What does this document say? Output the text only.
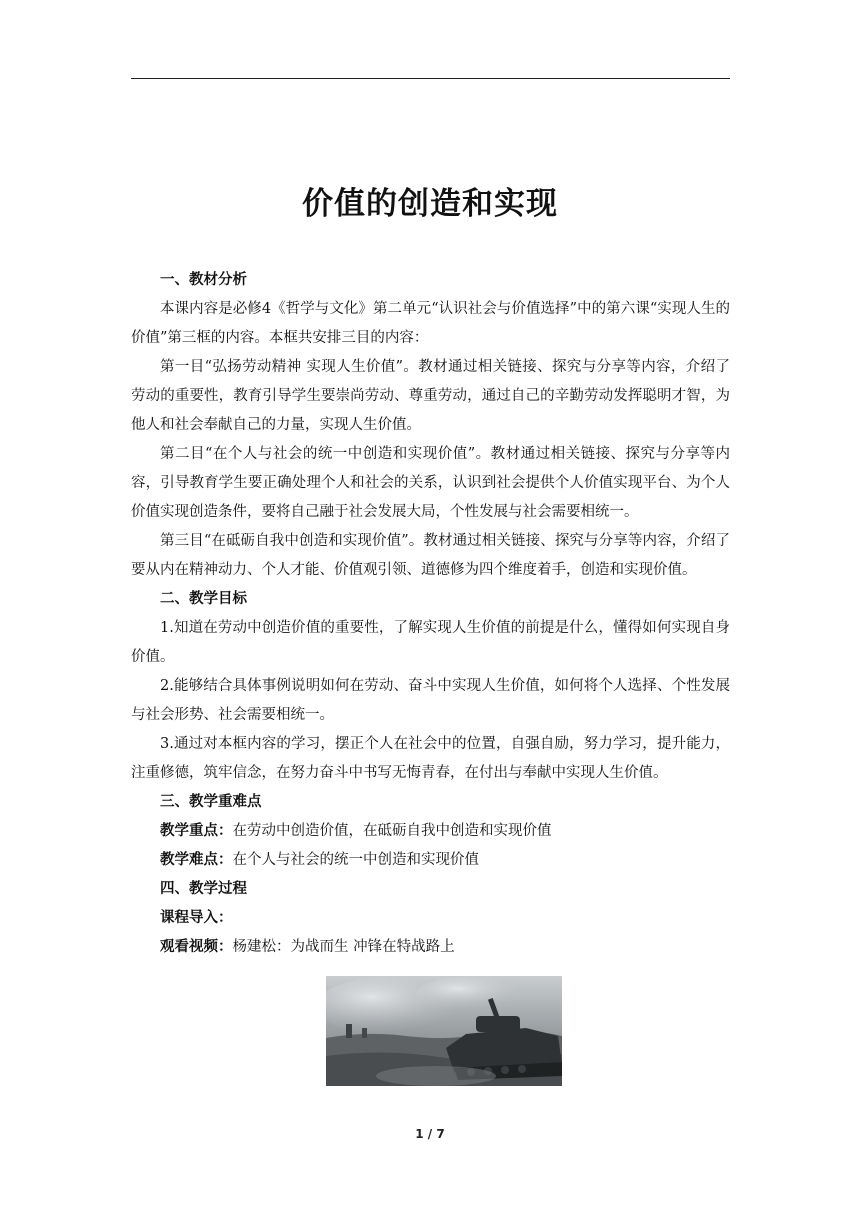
价值的创造和实现

一、教材分析

本课内容是必修4《哲学与文化》第二单元“认识社会与价值选择”中的第六课“实现人生的价值”第三框的内容。本框共安排三目的内容：

第一目“弘扬劳动精神 实现人生价值”。教材通过相关链接、探究与分享等内容，介绍了劳动的重要性，教育引导学生要崇尚劳动、尊重劳动，通过自己的辛勤劳动发挥聪明才智，为他人和社会奉献自己的力量，实现人生价值。

第二目“在个人与社会的统一中创造和实现价值”。教材通过相关链接、探究与分享等内容，引导教育学生要正确处理个人和社会的关系，认识到社会提供个人价值实现平台、为个人价值实现创造条件，要将自己融于社会发展大局，个性发展与社会需要相统一。

第三目“在砥砺自我中创造和实现价值”。教材通过相关链接、探究与分享等内容，介绍了要从内在精神动力、个人才能、价值观引领、道德修为四个维度着手，创造和实现价值。

二、教学目标

1.知道在劳动中创造价值的重要性，了解实现人生价值的前提是什么，懂得如何实现自身价值。

2.能够结合具体事例说明如何在劳动、奋斗中实现人生价值，如何将个人选择、个性发展与社会形势、社会需要相统一。

3.通过对本框内容的学习，摆正个人在社会中的位置，自强自励，努力学习，提升能力，注重修德，筑牢信念，在努力奋斗中书写无悔青春，在付出与奉献中实现人生价值。

三、教学重难点

教学重点：在劳动中创造价值，在砥砺自我中创造和实现价值

教学难点：在个人与社会的统一中创造和实现价值

四、教学过程

课程导入：

观看视频：杨建松：为战而生 冲锋在特战路上

1 / 7
